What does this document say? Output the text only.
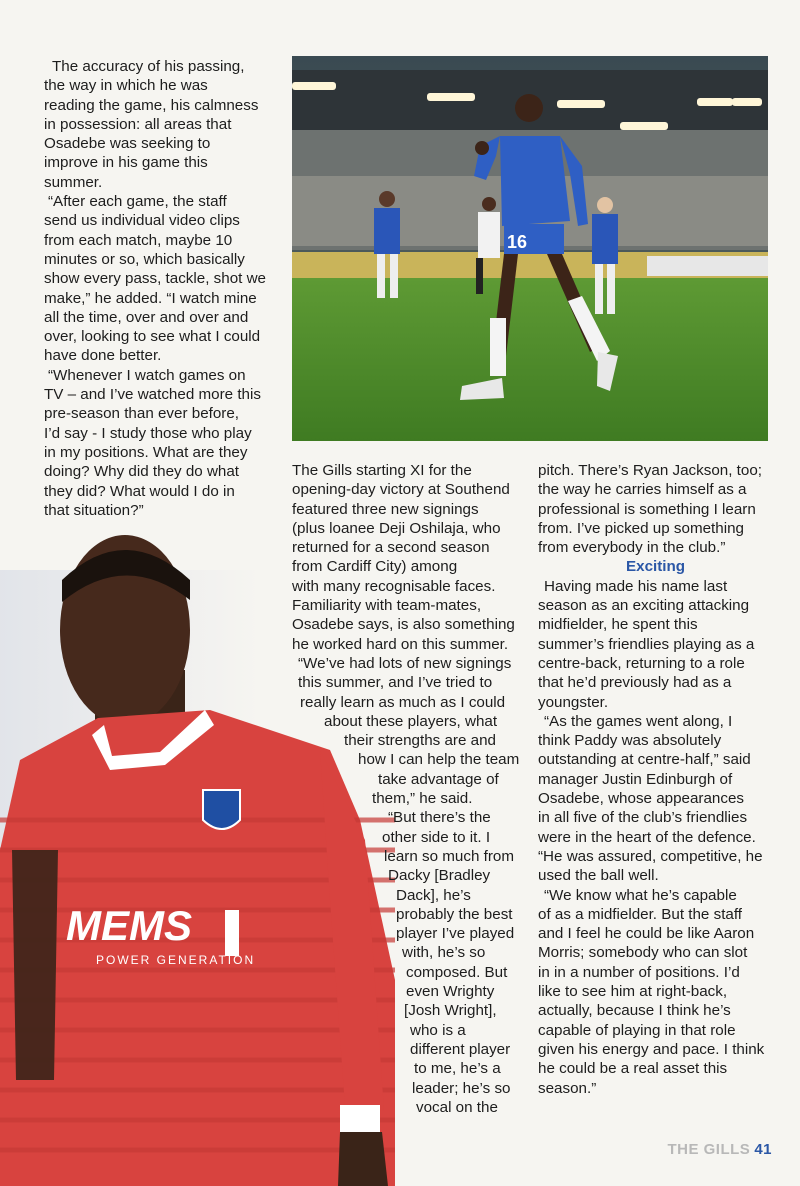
16
MEMS
POWER GENERATION
The accuracy of his passing,
the way in which he was
reading the game, his calmness
in possession: all areas that
Osadebe was seeking to
improve in his game this
summer.
“After each game, the staff
send us individual video clips
from each match, maybe 10
minutes or so, which basically
show every pass, tackle, shot we
make,” he added. “I watch mine
all the time, over and over and
over, looking to see what I could
have done better.
“Whenever I watch games on
TV – and I’ve watched more this
pre-season than ever before,
I’d say - I study those who play
in my positions. What are they
doing? Why did they do what
they did? What would I do in
that situation?”
The Gills starting XI for the
opening-day victory at Southend
featured three new signings
(plus loanee Deji Oshilaja, who
returned for a second season
from Cardiff City) among
with many recognisable faces.
Familiarity with team-mates,
Osadebe says, is also something
he worked hard on this summer.
“We’ve had lots of new signings
this summer, and I’ve tried to
really learn as much as I could
about these players, what
their strengths are and
how I can help the team
take advantage of
them,” he said.
“But there’s the
other side to it. I
learn so much from
Dacky [Bradley
Dack], he’s
probably the best
player I’ve played
with, he’s so
composed. But
even Wrighty
[Josh Wright],
who is a
different player
to me, he’s a
leader; he’s so
vocal on the
pitch. There’s Ryan Jackson, too;
the way he carries himself as a
professional is something I learn
from. I’ve picked up something
from everybody in the club.”

Exciting

Having made his name last
season as an exciting attacking
midfielder, he spent this
summer’s friendlies playing as a
centre-back, returning to a role
that he’d previously had as a
youngster.
“As the games went along, I
think Paddy was absolutely
outstanding at centre-half,” said
manager Justin Edinburgh of
Osadebe, whose appearances
in all five of the club’s friendlies
were in the heart of the defence.
“He was assured, competitive, he
used the ball well.
“We know what he’s capable
of as a midfielder. But the staff
and I feel he could be like Aaron
Morris; somebody who can slot
in in a number of positions. I’d
like to see him at right-back,
actually, because I think he’s
capable of playing in that role
given his energy and pace. I think
he could be a real asset this
season.”
THE GILLS 41
